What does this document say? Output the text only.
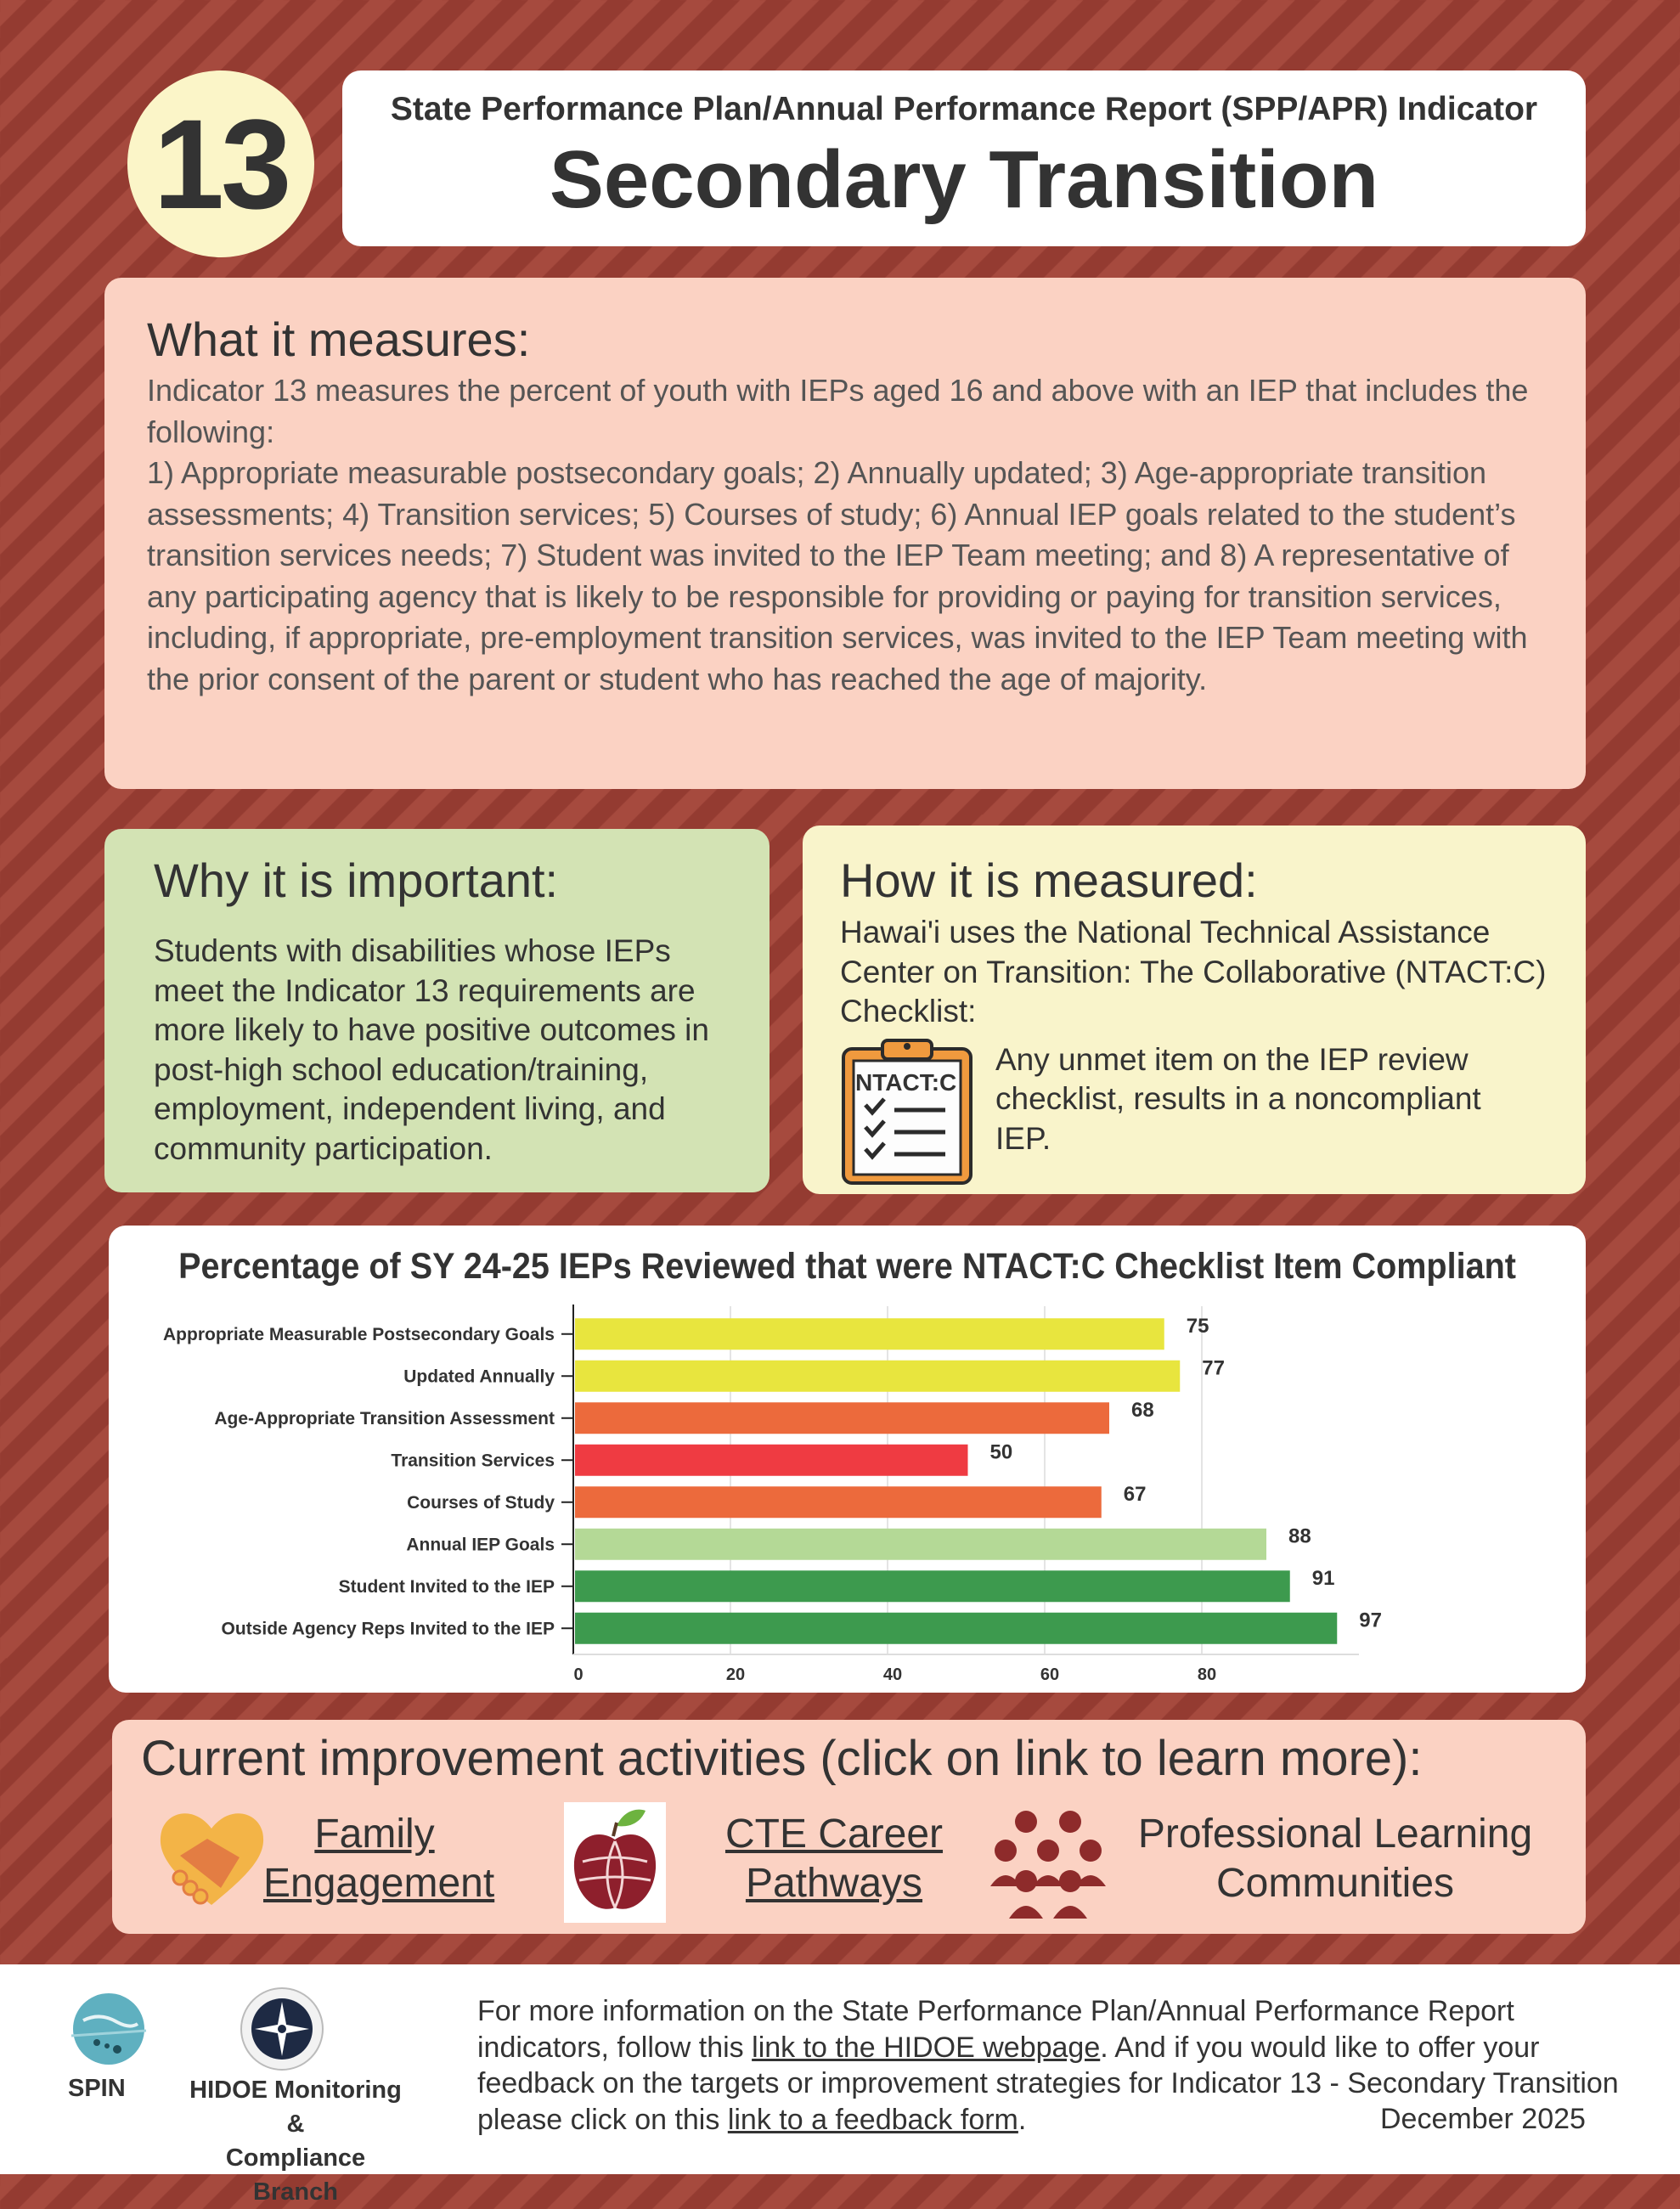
13	State Performance Plan/Annual Performance Report (SPP/APR) Indicator
Secondary Transition
What it measures:
Indicator 13 measures the percent of youth with IEPs aged 16 and above with an IEP that includes the following:
1) Appropriate measurable postsecondary goals; 2) Annually updated; 3) Age-appropriate transition assessments; 4) Transition services; 5) Courses of study; 6) Annual IEP goals related to the student’s transition services needs; 7) Student was invited to the IEP Team meeting; and 8) A representative of any participating agency that is likely to be responsible for providing or paying for transition services, including, if appropriate, pre-employment transition services, was invited to the IEP Team meeting with the prior consent of the parent or student who has reached the age of majority.
Why it is important:
Students with disabilities whose IEPs meet the Indicator 13 requirements are more likely to have positive outcomes in post-high school education/training, employment, independent living, and community participation.
How it is measured:
Hawai'i uses the National Technical Assistance Center on Transition: The Collaborative (NTACT:C) Checklist:
NTACT:C
Any unmet item on the IEP review checklist, results in a noncompliant IEP.
Percentage of SY 24-25 IEPs Reviewed that were NTACT:C Checklist Item Compliant
0	20	40	60	80
Appropriate Measurable Postsecondary Goals	75
Updated Annually	77
Age-Appropriate Transition Assessment	68
Transition Services	50
Courses of Study	67
Annual IEP Goals	88
Student Invited to the IEP	91
Outside Agency Reps Invited to the IEP	97
Current improvement activities (click on link to learn more):
Family
Engagement
CTE Career
Pathways
Professional Learning
Communities
SPIN	HIDOE Monitoring &
Compliance Branch
For more information on the State Performance Plan/Annual Performance Report indicators, follow this link to the HIDOE webpage. And if you would like to offer your feedback on the targets or improvement strategies for Indicator 13 - Secondary Transition please click on this link to a feedback form.	December 2025
